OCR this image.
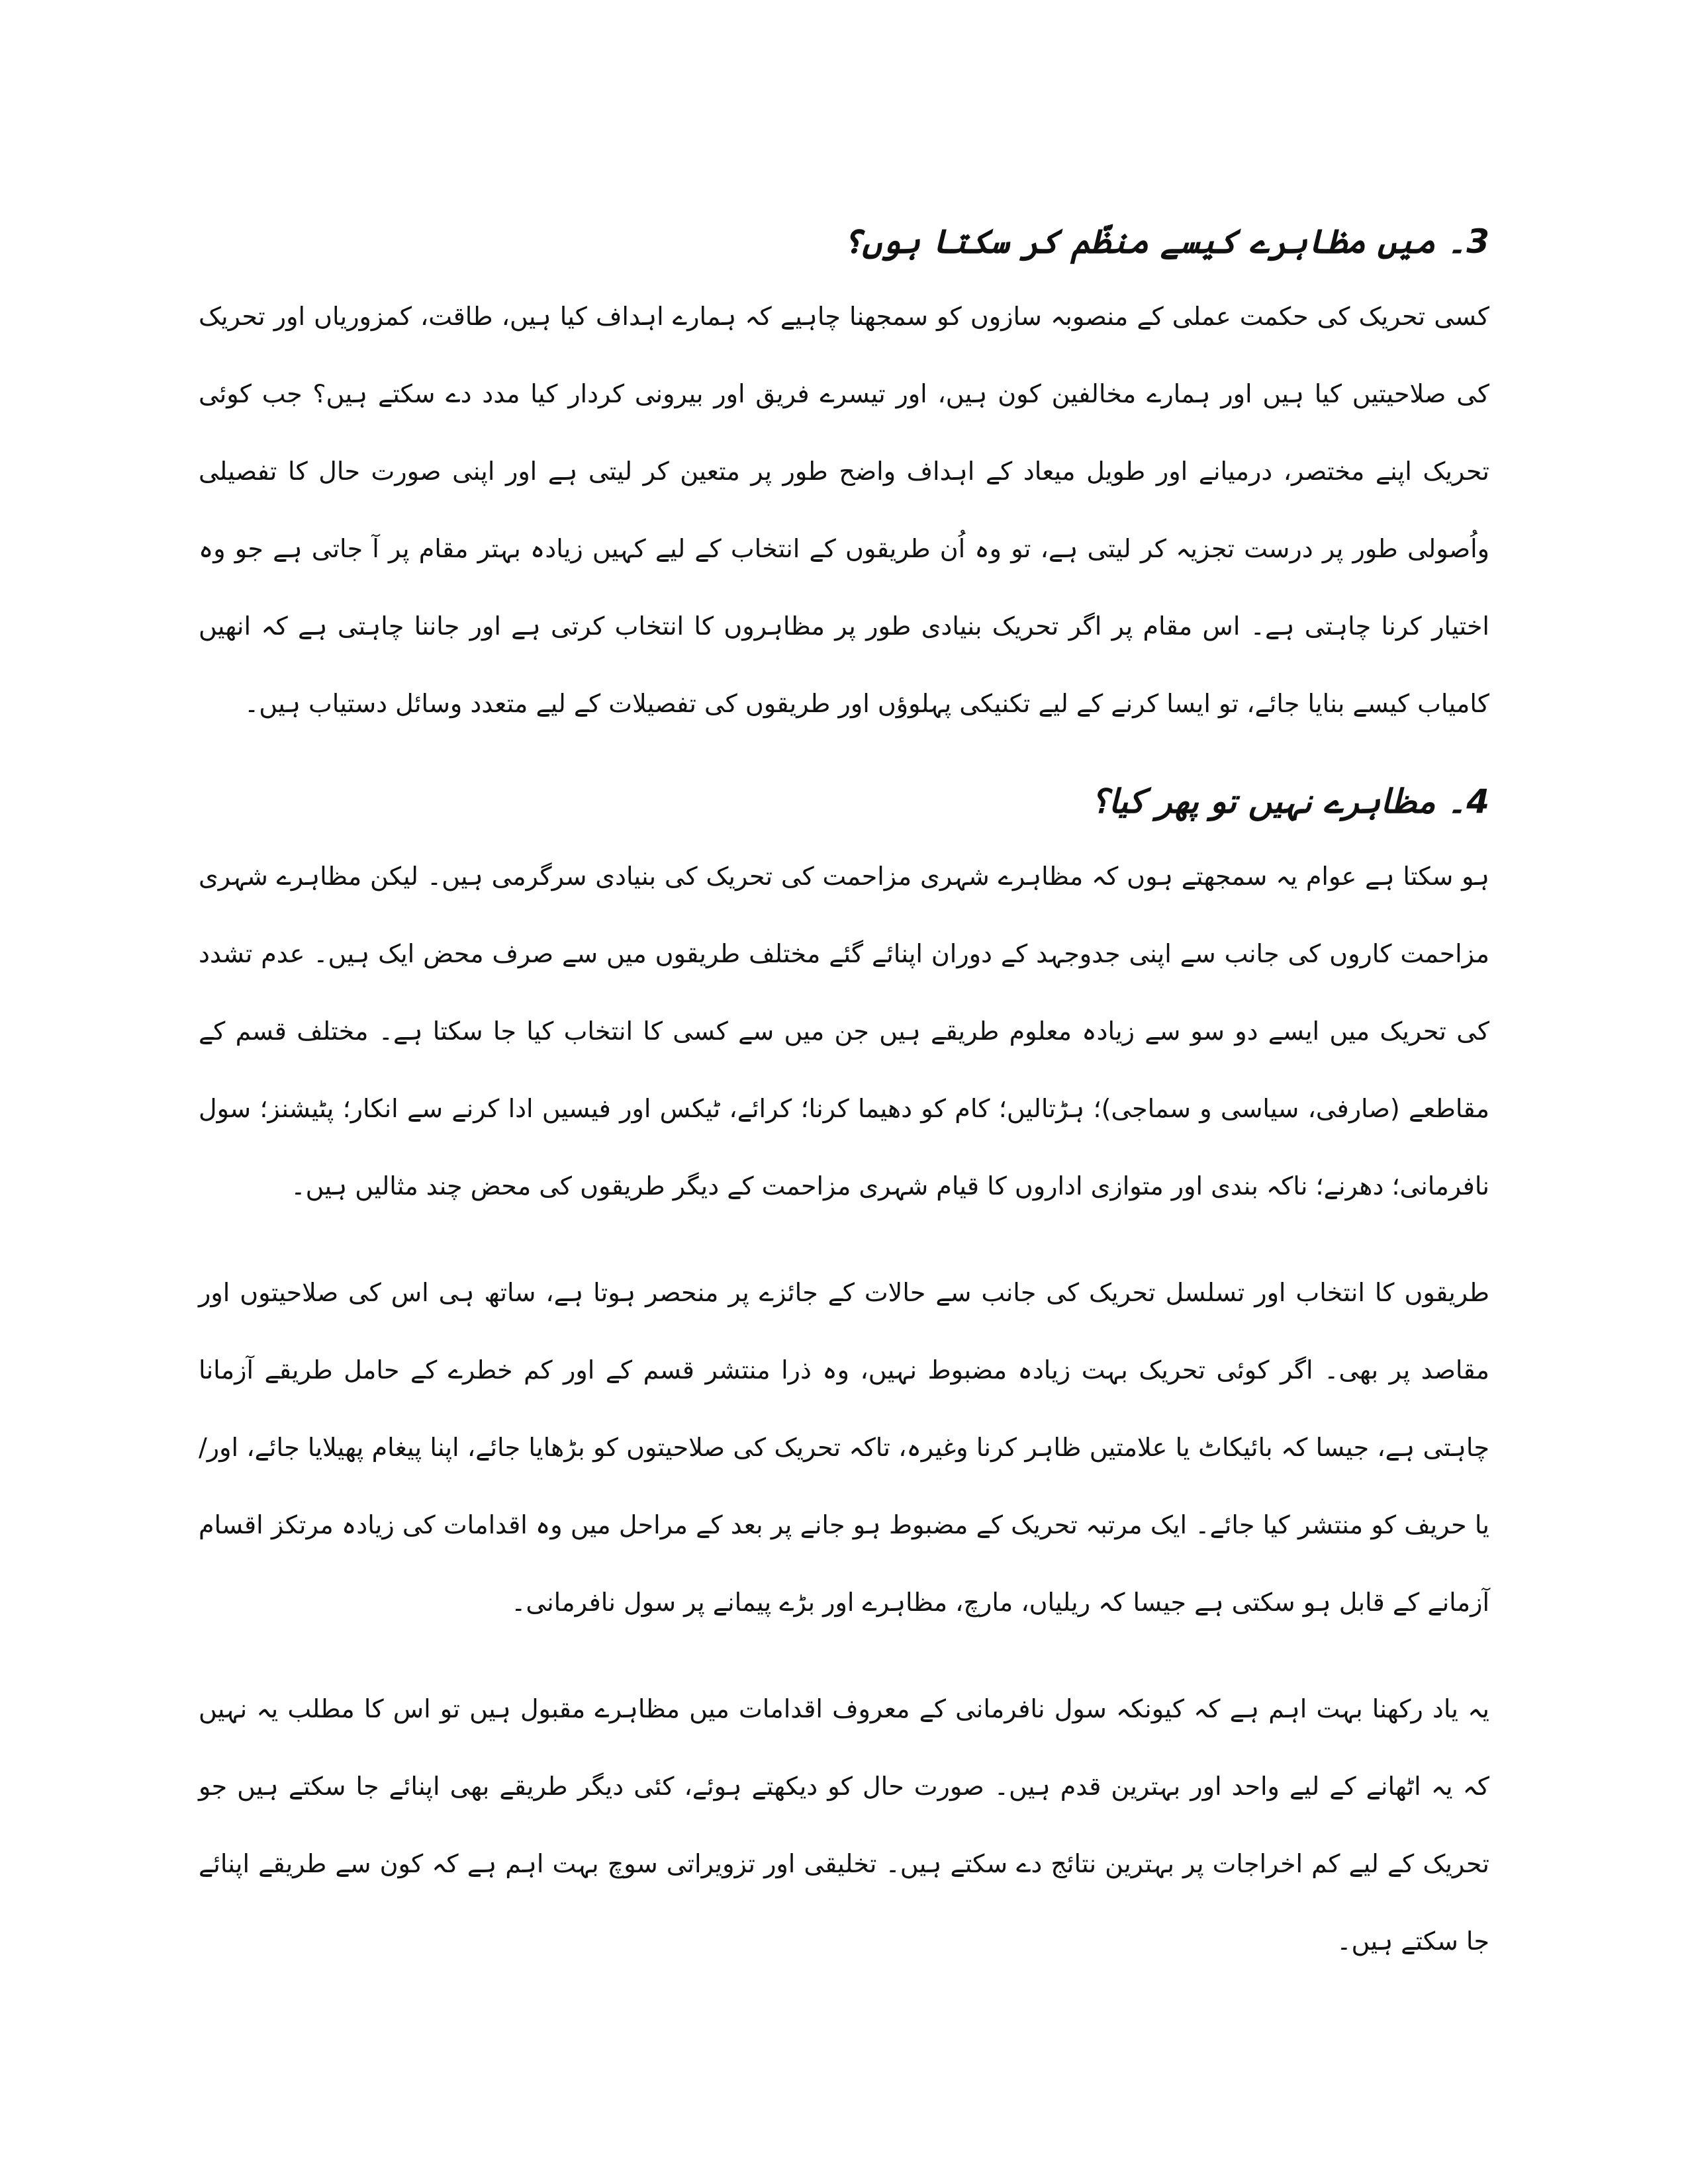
3۔ میں مظاہرے کیسے منظّم کر سکتا ہوں؟

کسی تحریک کی حکمت عملی کے منصوبہ سازوں کو سمجھنا چاہیے کہ ہمارے اہداف کیا ہیں، طاقت، کمزوریاں اور تحریک کی صلاحیتیں کیا ہیں اور ہمارے مخالفین کون ہیں، اور تیسرے فریق اور بیرونی کردار کیا مدد دے سکتے ہیں؟ جب کوئی تحریک اپنے مختصر، درمیانے اور طویل میعاد کے اہداف واضح طور پر متعین کر لیتی ہے اور اپنی صورت حال کا تفصیلی واُصولی طور پر درست تجزیہ کر لیتی ہے، تو وہ اُن طریقوں کے انتخاب کے لیے کہیں زیادہ بہتر مقام پر آ جاتی ہے جو وہ اختیار کرنا چاہتی ہے۔ اس مقام پر اگر تحریک بنیادی طور پر مظاہروں کا انتخاب کرتی ہے اور جاننا چاہتی ہے کہ انھیں کامیاب کیسے بنایا جائے، تو ایسا کرنے کے لیے تکنیکی پہلوؤں اور طریقوں کی تفصیلات کے لیے متعدد وسائل دستیاب ہیں۔

4۔ مظاہرے نہیں تو پھر کیا؟

ہو سکتا ہے عوام یہ سمجھتے ہوں کہ مظاہرے شہری مزاحمت کی تحریک کی بنیادی سرگرمی ہیں۔ لیکن مظاہرے شہری مزاحمت کاروں کی جانب سے اپنی جدوجہد کے دوران اپنائے گئے مختلف طریقوں میں سے صرف محض ایک ہیں۔ عدم تشدد کی تحریک میں ایسے دو سو سے زیادہ معلوم طریقے ہیں جن میں سے کسی کا انتخاب کیا جا سکتا ہے۔ مختلف قسم کے مقاطعے (صارفی، سیاسی و سماجی)؛ ہڑتالیں؛ کام کو دھیما کرنا؛ کرائے، ٹیکس اور فیسیں ادا کرنے سے انکار؛ پٹیشنز؛ سول نافرمانی؛ دھرنے؛ ناکہ بندی اور متوازی اداروں کا قیام شہری مزاحمت کے دیگر طریقوں کی محض چند مثالیں ہیں۔

طریقوں کا انتخاب اور تسلسل تحریک کی جانب سے حالات کے جائزے پر منحصر ہوتا ہے، ساتھ ہی اس کی صلاحیتوں اور مقاصد پر بھی۔ اگر کوئی تحریک بہت زیادہ مضبوط نہیں، وہ ذرا منتشر قسم کے اور کم خطرے کے حامل طریقے آزمانا چاہتی ہے، جیسا کہ بائیکاٹ یا علامتیں ظاہر کرنا وغیرہ، تاکہ تحریک کی صلاحیتوں کو بڑھایا جائے، اپنا پیغام پھیلایا جائے، اور/یا حریف کو منتشر کیا جائے۔ ایک مرتبہ تحریک کے مضبوط ہو جانے پر بعد کے مراحل میں وہ اقدامات کی زیادہ مرتکز اقسام آزمانے کے قابل ہو سکتی ہے جیسا کہ ریلیاں، مارچ، مظاہرے اور بڑے پیمانے پر سول نافرمانی۔

یہ یاد رکھنا بہت اہم ہے کہ کیونکہ سول نافرمانی کے معروف اقدامات میں مظاہرے مقبول ہیں تو اس کا مطلب یہ نہیں کہ یہ اٹھانے کے لیے واحد اور بہترین قدم ہیں۔ صورت حال کو دیکھتے ہوئے، کئی دیگر طریقے بھی اپنائے جا سکتے ہیں جو تحریک کے لیے کم اخراجات پر بہترین نتائج دے سکتے ہیں۔ تخلیقی اور تزویراتی سوچ بہت اہم ہے کہ کون سے طریقے اپنائے جا سکتے ہیں۔
